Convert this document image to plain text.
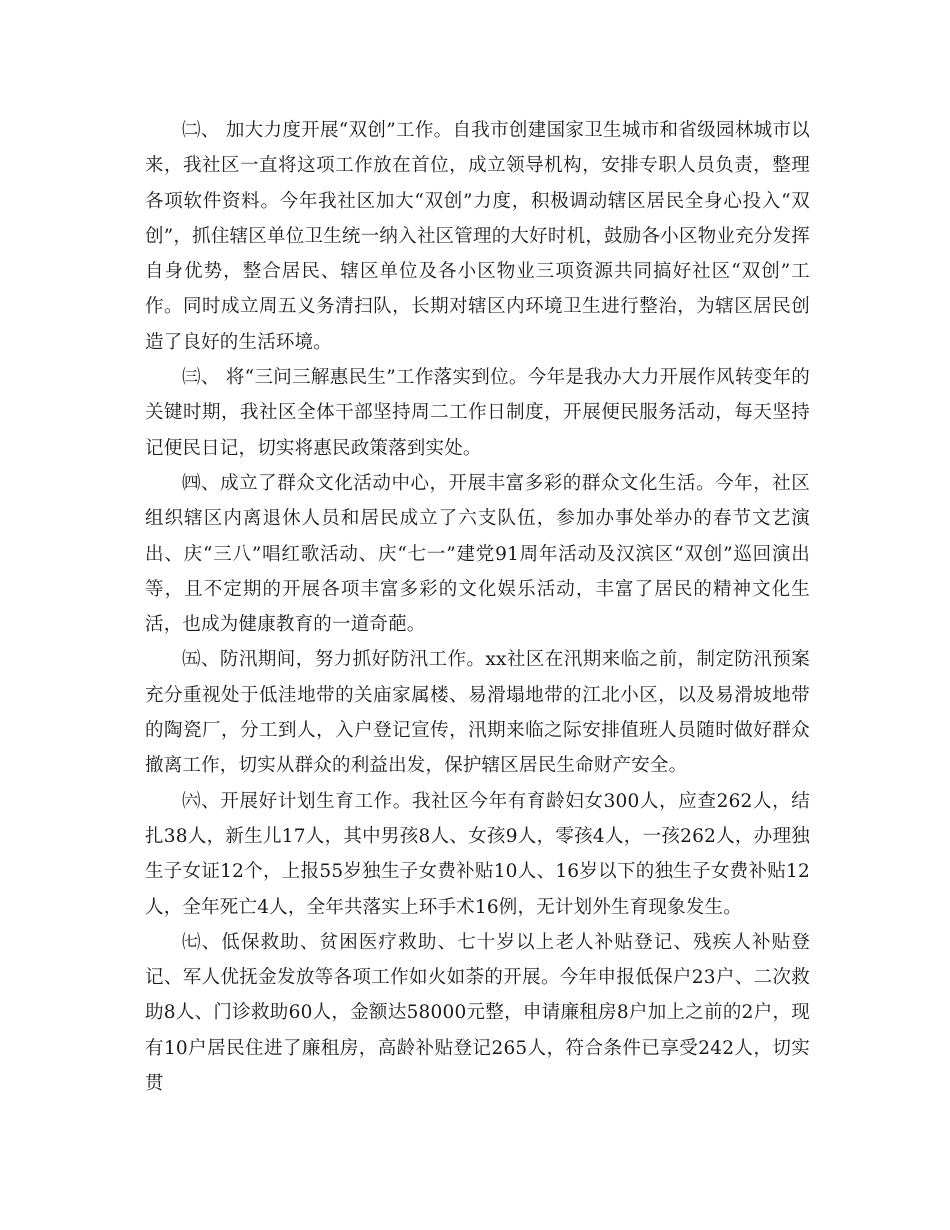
㈡、 加大力度开展“双创”工作。自我市创建国家卫生城市和省级园林城市以来，我社区一直将这项工作放在首位，成立领导机构，安排专职人员负责，整理各项软件资料。今年我社区加大“双创”力度，积极调动辖区居民全身心投入“双创”，抓住辖区单位卫生统一纳入社区管理的大好时机，鼓励各小区物业充分发挥自身优势，整合居民、辖区单位及各小区物业三项资源共同搞好社区“双创”工作。同时成立周五义务清扫队，长期对辖区内环境卫生进行整治，为辖区居民创造了良好的生活环境。

㈢、 将“三问三解惠民生”工作落实到位。今年是我办大力开展作风转变年的关键时期，我社区全体干部坚持周二工作日制度，开展便民服务活动，每天坚持记便民日记，切实将惠民政策落到实处。

㈣、成立了群众文化活动中心，开展丰富多彩的群众文化生活。今年，社区组织辖区内离退休人员和居民成立了六支队伍，参加办事处举办的春节文艺演出、庆“三八”唱红歌活动、庆“七一”建党91周年活动及汉滨区“双创”巡回演出等，且不定期的开展各项丰富多彩的文化娱乐活动，丰富了居民的精神文化生活，也成为健康教育的一道奇葩。

㈤、防汛期间，努力抓好防汛工作。xx社区在汛期来临之前，制定防汛预案充分重视处于低洼地带的关庙家属楼、易滑塌地带的江北小区，以及易滑坡地带的陶瓷厂，分工到人，入户登记宣传，汛期来临之际安排值班人员随时做好群众撤离工作，切实从群众的利益出发，保护辖区居民生命财产安全。

㈥、开展好计划生育工作。我社区今年有育龄妇女300人，应查262人，结扎38人，新生儿17人，其中男孩8人、女孩9人，零孩4人，一孩262人，办理独生子女证12个，上报55岁独生子女费补贴10人、16岁以下的独生子女费补贴12人，全年死亡4人，全年共落实上环手术16例，无计划外生育现象发生。

㈦、低保救助、贫困医疗救助、七十岁以上老人补贴登记、残疾人补贴登记、军人优抚金发放等各项工作如火如荼的开展。今年申报低保户23户、二次救助8人、门诊救助60人，金额达58000元整，申请廉租房8户加上之前的2户，现有10户居民住进了廉租房，高龄补贴登记265人，符合条件已享受242人，切实贯
